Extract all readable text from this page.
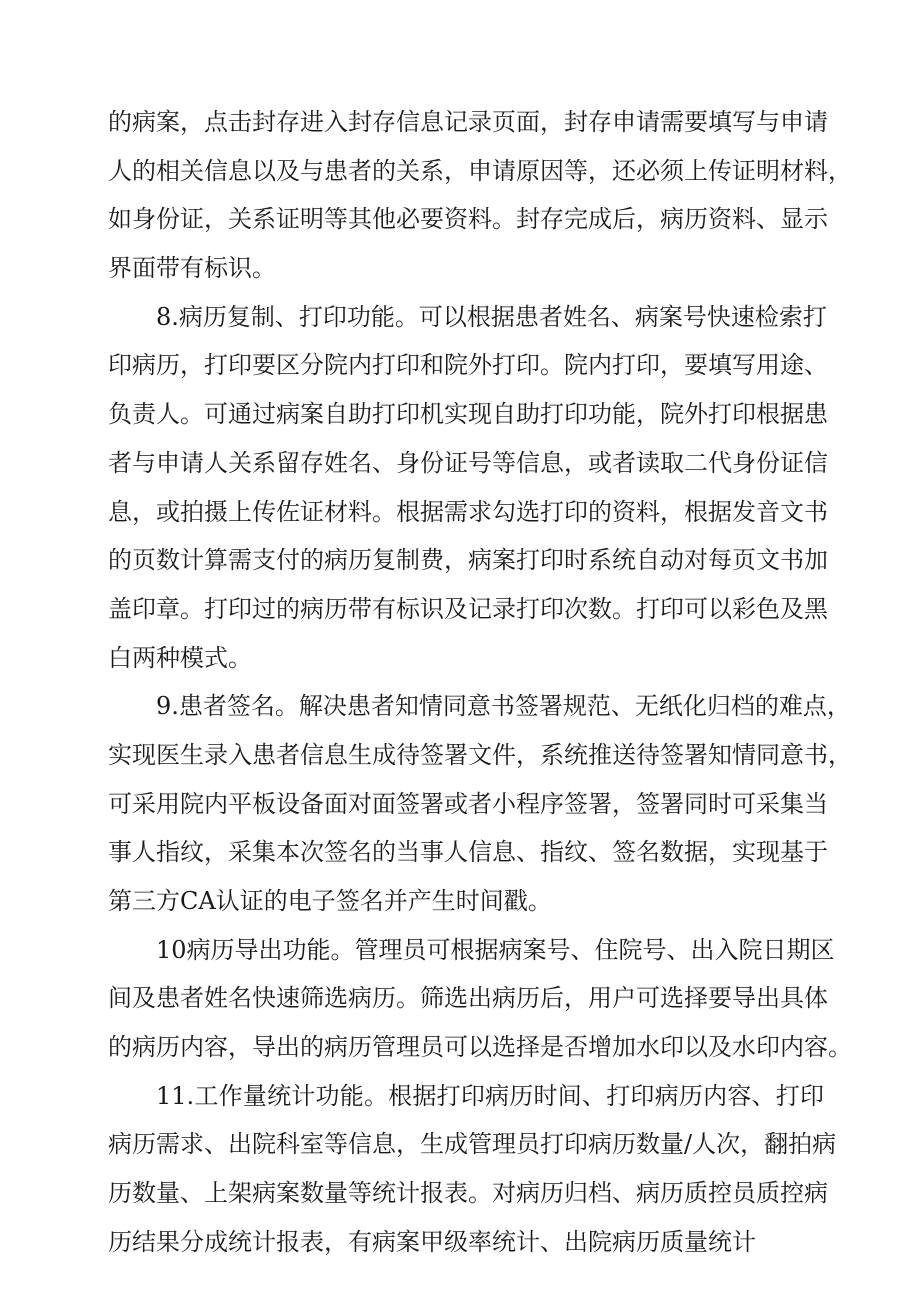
的病案，点击封存进入封存信息记录页面，封存申请需要填写与申请
人的相关信息以及与患者的关系，申请原因等，还必须上传证明材料，
如身份证，关系证明等其他必要资料。封存完成后，病历资料、显示
界面带有标识。
8.病历复制、打印功能。可以根据患者姓名、病案号快速检索打
印病历，打印要区分院内打印和院外打印。院内打印，要填写用途、
负责人。可通过病案自助打印机实现自助打印功能，院外打印根据患
者与申请人关系留存姓名、身份证号等信息，或者读取二代身份证信
息，或拍摄上传佐证材料。根据需求勾选打印的资料，根据发音文书
的页数计算需支付的病历复制费，病案打印时系统自动对每页文书加
盖印章。打印过的病历带有标识及记录打印次数。打印可以彩色及黑
白两种模式。
9.患者签名。解决患者知情同意书签署规范、无纸化归档的难点，
实现医生录入患者信息生成待签署文件，系统推送待签署知情同意书，
可采用院内平板设备面对面签署或者小程序签署，签署同时可采集当
事人指纹，采集本次签名的当事人信息、指纹、签名数据，实现基于
第三方CA认证的电子签名并产生时间戳。
10病历导出功能。管理员可根据病案号、住院号、出入院日期区
间及患者姓名快速筛选病历。筛选出病历后，用户可选择要导出具体
的病历内容，导出的病历管理员可以选择是否增加水印以及水印内容。
11.工作量统计功能。根据打印病历时间、打印病历内容、打印
病历需求、出院科室等信息，生成管理员打印病历数量/人次，翻拍病
历数量、上架病案数量等统计报表。对病历归档、病历质控员质控病
历结果分成统计报表，有病案甲级率统计、出院病历质量统计
